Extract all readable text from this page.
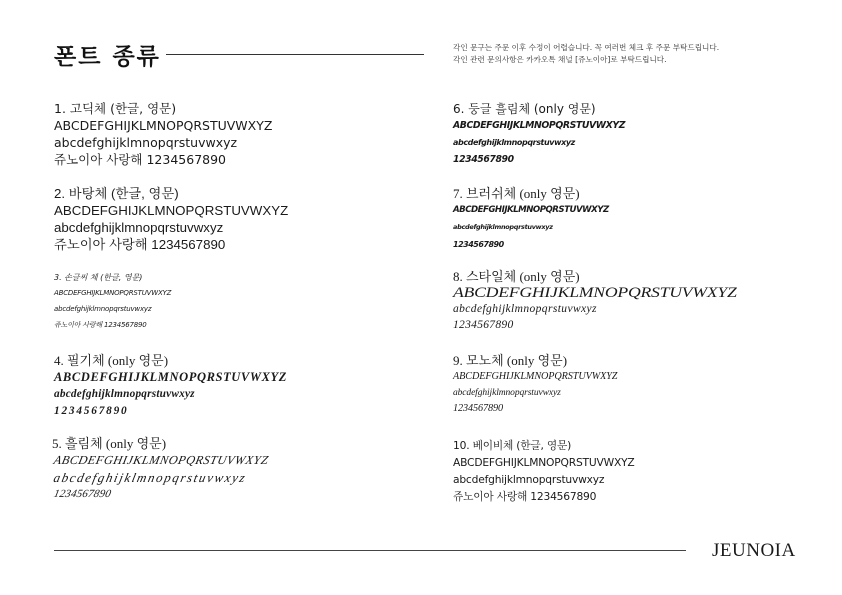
폰트 종류	각인 문구는 주문 이후 수정이 어렵습니다. 꼭 여러번 체크 후 주문 부탁드립니다.
각인 관련 문의사항은 카카오톡 채널 [쥬노이아]로 부탁드립니다.
1. 고딕체 (한글, 영문)
ABCDEFGHIJKLMNOPQRSTUVWXYZ
abcdefghijklmnopqrstuvwxyz
쥬노이아 사랑해 1234567890
2. 바탕체 (한글, 영문)
ABCDEFGHIJKLMNOPQRSTUVWXYZ
abcdefghijklmnopqrstuvwxyz
쥬노이아 사랑해 1234567890
3. 손글씨 체 (한글, 영문)
ABCDEFGHIJKLMNOPQRSTUVWXYZ
abcdefghijklmnopqrstuvwxyz
쥬노이아 사랑해 1234567890
4. 필기체 (only 영문)
ABCDEFGHIJKLMNOPQRSTUVWXYZ
abcdefghijklmnopqrstuvwxyz
1234567890
5. 흘림체 (only 영문)
ABCDEFGHIJKLMNOPQRSTUVWXYZ
abcdefghijklmnopqrstuvwxyz
1234567890
6. 둥글 흘림체 (only 영문)
ABCDEFGHIJKLMNOPQRSTUVWXYZ
abcdefghijklmnopqrstuvwxyz
1234567890
7. 브러쉬체 (only 영문)
ABCDEFGHIJKLMNOPQRSTUVWXYZ
abcdefghijklmnopqrstuvwxyz
1234567890
8. 스타일체 (only 영문)
ABCDEFGHIJKLMNOPQRSTUVWXYZ
abcdefghijklmnopqrstuvwxyz
1234567890
9. 모노체 (only 영문)
ABCDEFGHIJKLMNOPQRSTUVWXYZ
abcdefghijklmnopqrstuvwxyz
1234567890
10. 베이비체 (한글, 영문)
ABCDEFGHIJKLMNOPQRSTUVWXYZ
abcdefghijklmnopqrstuvwxyz
쥬노이아 사랑해 1234567890
JEUNOIA
